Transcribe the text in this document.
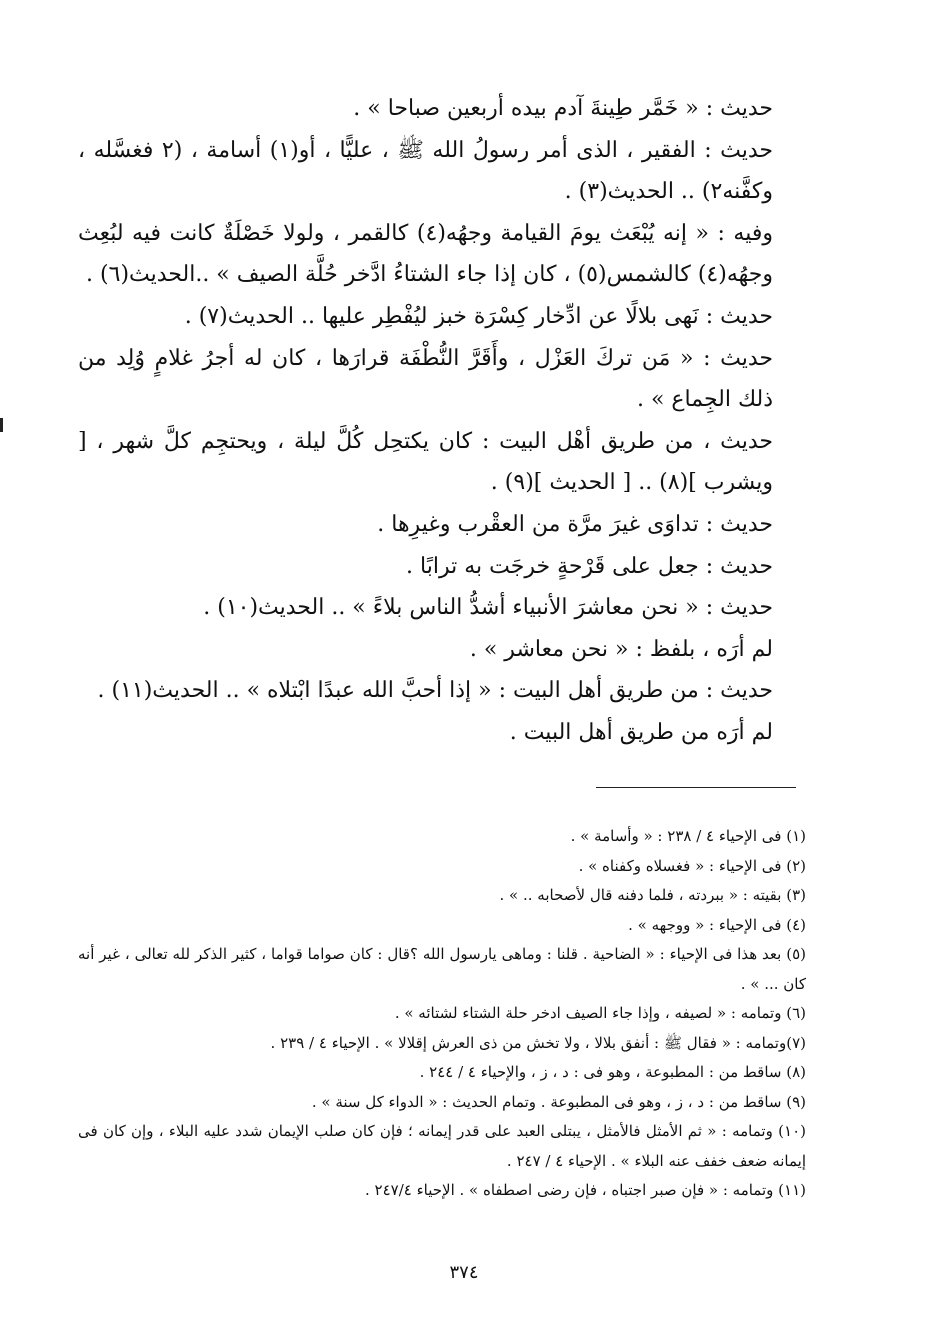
حديث : « خَمَّر طِينةَ آدم بيده أربعين صباحا » .

حديث : الفقير ، الذى أمر رسولُ الله ﷺ ، عليًّا ، أو(١) أسامة ، (٢ فغسَّله ، وكفَّنه٢) .. الحديث(٣) .

وفيه : « إنه يُبْعَث يومَ القيامة وجهُه(٤) كالقمر ، ولولا خَصْلَةٌ كانت فيه لبُعِث وجهُه(٤) كالشمس(٥) ، كان إذا جاء الشتاءُ ادَّخر حُلَّة الصيف » ..الحديث(٦) .

حديث : نَهى بلالًا عن ادِّخار كِسْرَة خبز ليُفْطِر عليها .. الحديث(٧) .

حديث : « مَن تركَ العَزْل ، وأَقَرَّ النُّطْفَة قرارَها ، كان له أجرُ غلامٍ وُلِد من ذلك الجِماع » .

حديث ، من طريق أهْل البيت : كان يكتحِل كُلَّ ليلة ، ويحتجِم كلَّ شهر ، [ ويشرب ](٨) .. [ الحديث ](٩) .

حديث : تداوَى غيرَ مرَّة من العقْرب وغيرِها .

حديث : جعل على قَرْحةٍ خرجَت به ترابًا .

حديث : « نحن معاشرَ الأنبياء أشدُّ الناس بلاءً » .. الحديث(١٠) .

لم أرَه ، بلفظ : « نحن معاشر » .

حديث : من طريق أهل البيت : « إذا أحبَّ الله عبدًا ابْتلاه » .. الحديث(١١) .

لم أرَه من طريق أهل البيت .

(١) فى الإحياء ٤ / ٢٣٨ : « وأسامة » .

(٢) فى الإحياء : « فغسلاه وكفناه » .

(٣) بقيته : « ببردته ، فلما دفنه قال لأصحابه .. » .

(٤) فى الإحياء : « ووجهه » .

(٥) بعد هذا فى الإحياء : « الضاحية . قلنا : وماهى يارسول الله ؟قال : كان صواما قواما ، كثير الذكر لله تعالى ، غير أنه كان ... » .

(٦) وتمامه : « لصيفه ، وإذا جاء الصيف ادخر حلة الشتاء لشتائه » .

(٧)وتمامه : « فقال ﷺ : أنفق بلالا ، ولا تخش من ذى العرش إقلالا » . الإحياء ٤ / ٢٣٩ .

(٨) ساقط من : المطبوعة ، وهو فى : د ، ز ، والإحياء ٤ / ٢٤٤ .

(٩) ساقط من : د ، ز ، وهو فى المطبوعة . وتمام الحديث : « الدواء كل سنة » .

(١٠) وتمامه : « ثم الأمثل فالأمثل ، يبتلى العبد على قدر إيمانه ؛ فإن كان صلب الإيمان شدد عليه البلاء ، وإن كان فى إيمانه ضعف خفف عنه البلاء » . الإحياء ٤ / ٢٤٧ .

(١١) وتمامه : « فإن صبر اجتباه ، فإن رضى اصطفاه » . الإحياء ٢٤٧/٤ .

٣٧٤
